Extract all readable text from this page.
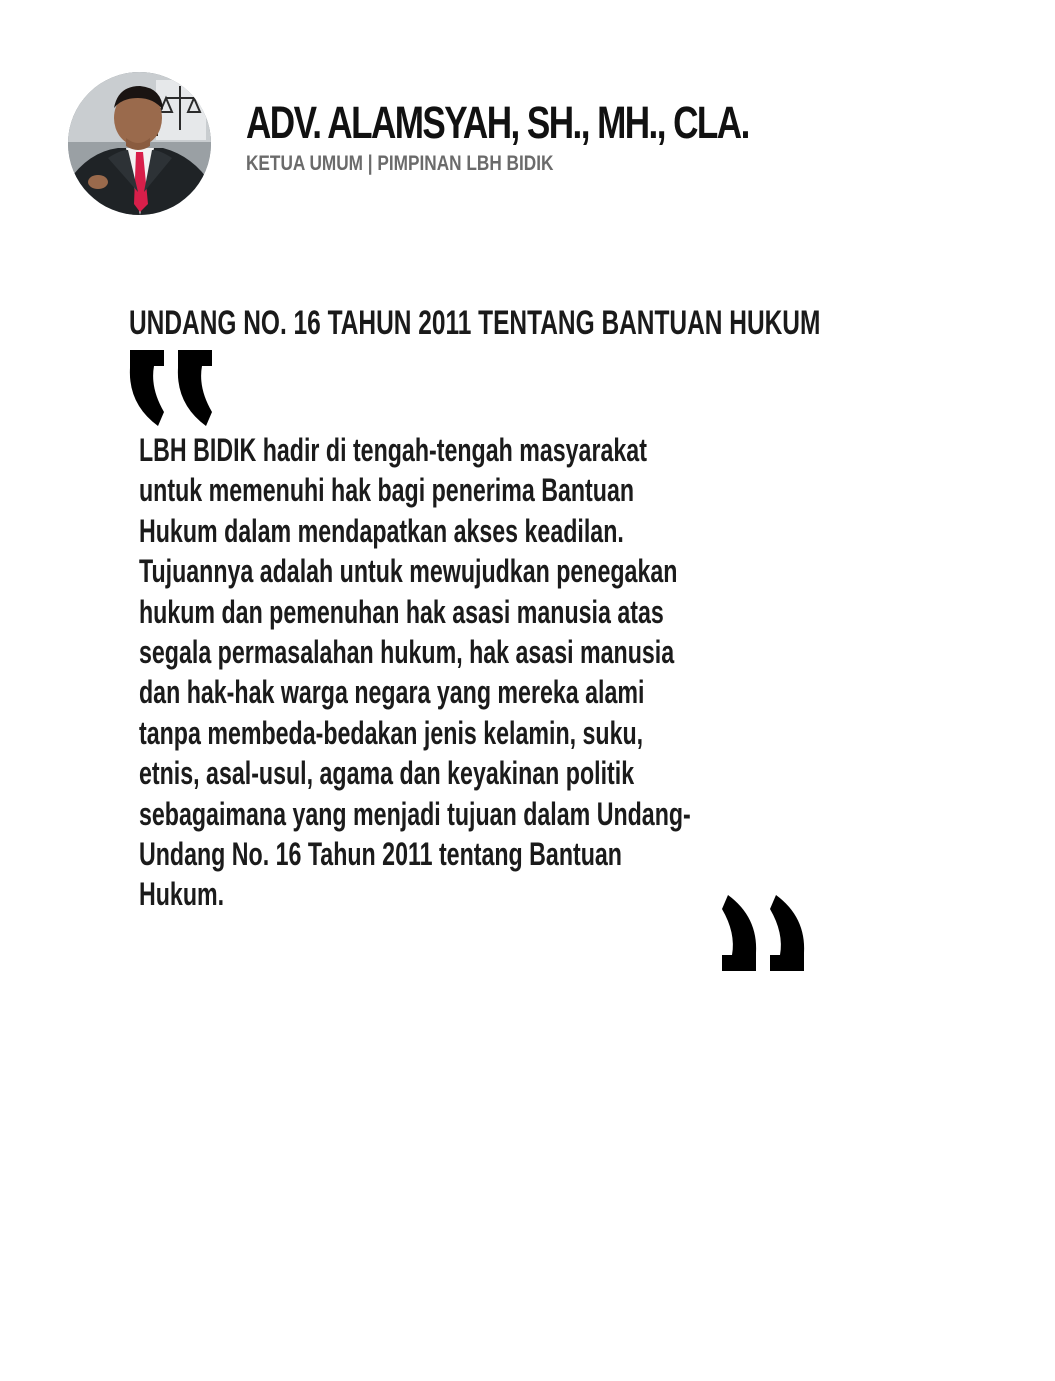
ADV. ALAMSYAH, SH., MH., CLA.
KETUA UMUM | PIMPINAN LBH BIDIK
UNDANG NO. 16 TAHUN 2011 TENTANG BANTUAN HUKUM

LBH BIDIK hadir di tengah-tengah masyarakat
untuk memenuhi hak bagi penerima Bantuan
Hukum dalam mendapatkan akses keadilan.
Tujuannya adalah untuk mewujudkan penegakan
hukum dan pemenuhan hak asasi manusia atas
segala permasalahan hukum, hak asasi manusia
dan hak-hak warga negara yang mereka alami
tanpa membeda-bedakan jenis kelamin, suku,
etnis, asal-usul, agama dan keyakinan politik
sebagaimana yang menjadi tujuan dalam Undang-
Undang No. 16 Tahun 2011 tentang Bantuan
Hukum.
